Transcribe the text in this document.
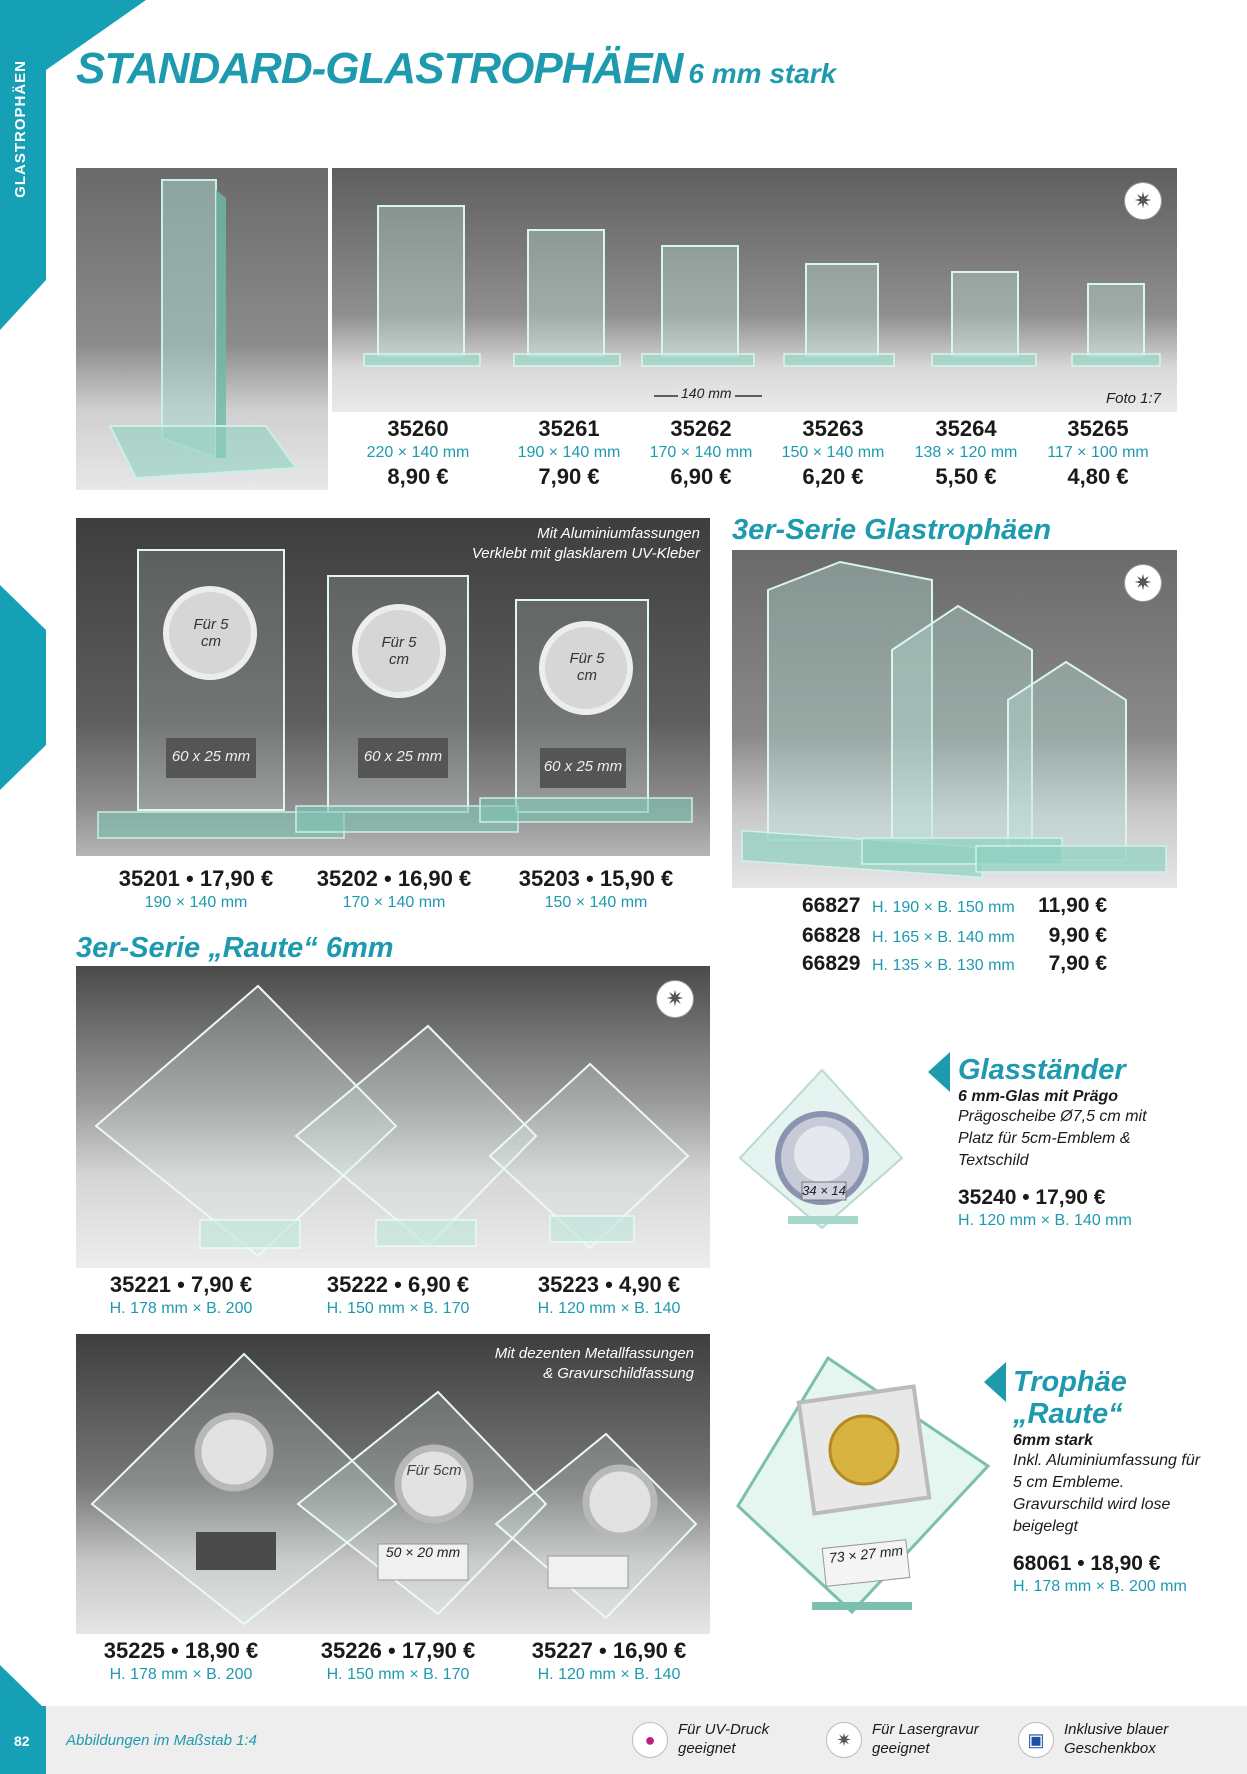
GLASTROPHÄEN STANDARD-GLASTROPHÄEN 6 mm stark
140 mm	Foto 1:7
✷
35260
220 × 140 mm
8,90 €
35261
190 × 140 mm
7,90 €
35262
170 × 140 mm
6,90 €
35263
150 × 140 mm
6,20 €
35264
138 × 120 mm
5,50 €
35265
117 × 100 mm
4,80 €
Für 5 cm	Für 5 cm	Für 5 cm
60 x 25 mm	60 x 25 mm
60 x 25 mm
Mit Aluminiumfassungen
Verklebt mit glasklarem UV-Kleber
35201 • 17,90 €
190 × 140 mm
35202 • 16,90 €
170 × 140 mm
35203 • 15,90 €
150 × 140 mm
3er-Serie Glastrophäen
✷
66827 H. 190 × B. 150 mm 11,90 €
66828 H. 165 × B. 140 mm 9,90 €
66829 H. 135 × B. 130 mm 7,90 €
3er-Serie „Raute“ 6mm
✷
35221 • 7,90 €
H. 178 mm × B. 200
35222 • 6,90 €
H. 150 mm × B. 170
35223 • 4,90 €
H. 120 mm × B. 140
34 × 14
Glasständer
6 mm-Glas mit Prägo
Prägoscheibe Ø7,5 cm mit Platz für 5cm-Emblem & Textschild
35240 • 17,90 €
H. 120 mm × B. 140 mm
Für 5cm
50 × 20 mm
Mit dezenten Metallfassungen
& Gravurschildfassung
35225 • 18,90 €
H. 178 mm × B. 200
35226 • 17,90 €
H. 150 mm × B. 170
35227 • 16,90 €
H. 120 mm × B. 140
73 × 27 mm
Trophäe
„Raute“
6mm stark
Inkl. Aluminiumfassung für 5 cm Embleme. Gravurschild wird lose beigelegt
68061 • 18,90 €
H. 178 mm × B. 200 mm
82 Abbildungen im Maßstab 1:4	●	Für UV-Druck
geeignet	✷	Für Lasergravur
geeignet	▣	Inklusive blauer
Geschenkbox
